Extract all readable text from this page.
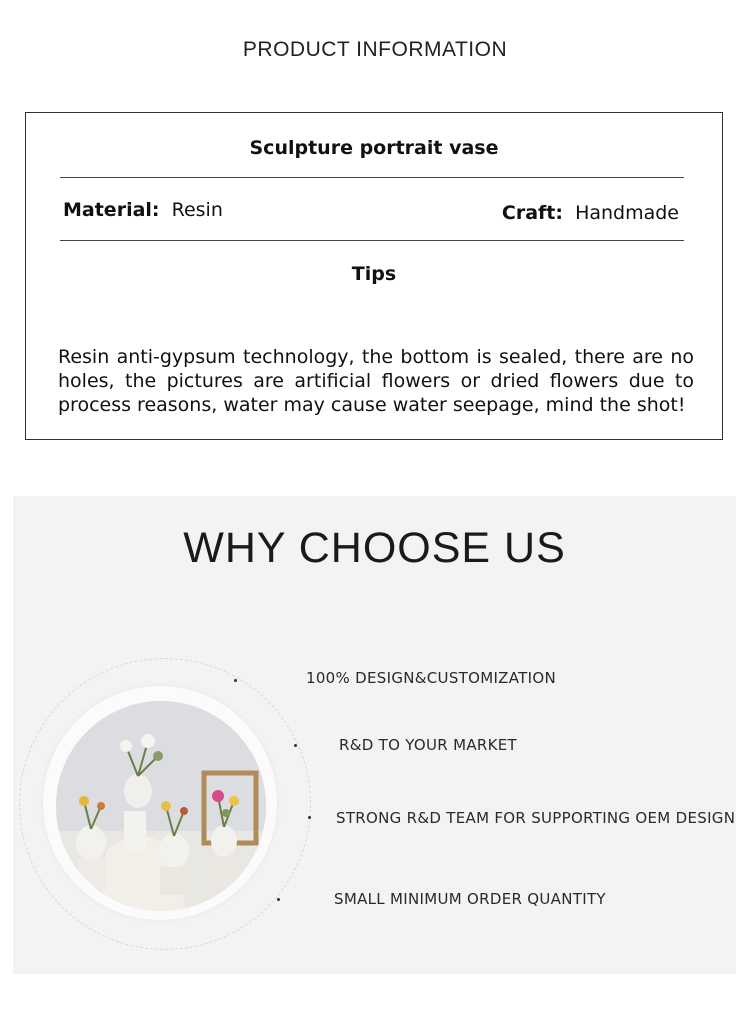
PRODUCT INFORMATION
Sculpture portrait vase
Material: Resin	Craft: Handmade
Tips
Resin anti-gypsum technology, the bottom is sealed, there are no holes, the pictures are artificial flowers or dried flowers due to process reasons, water may cause water seepage, mind the shot!
WHY CHOOSE US
100% DESIGN&CUSTOMIZATION
R&D TO YOUR MARKET
STRONG R&D TEAM FOR SUPPORTING OEM DESIGN
SMALL MINIMUM ORDER QUANTITY
